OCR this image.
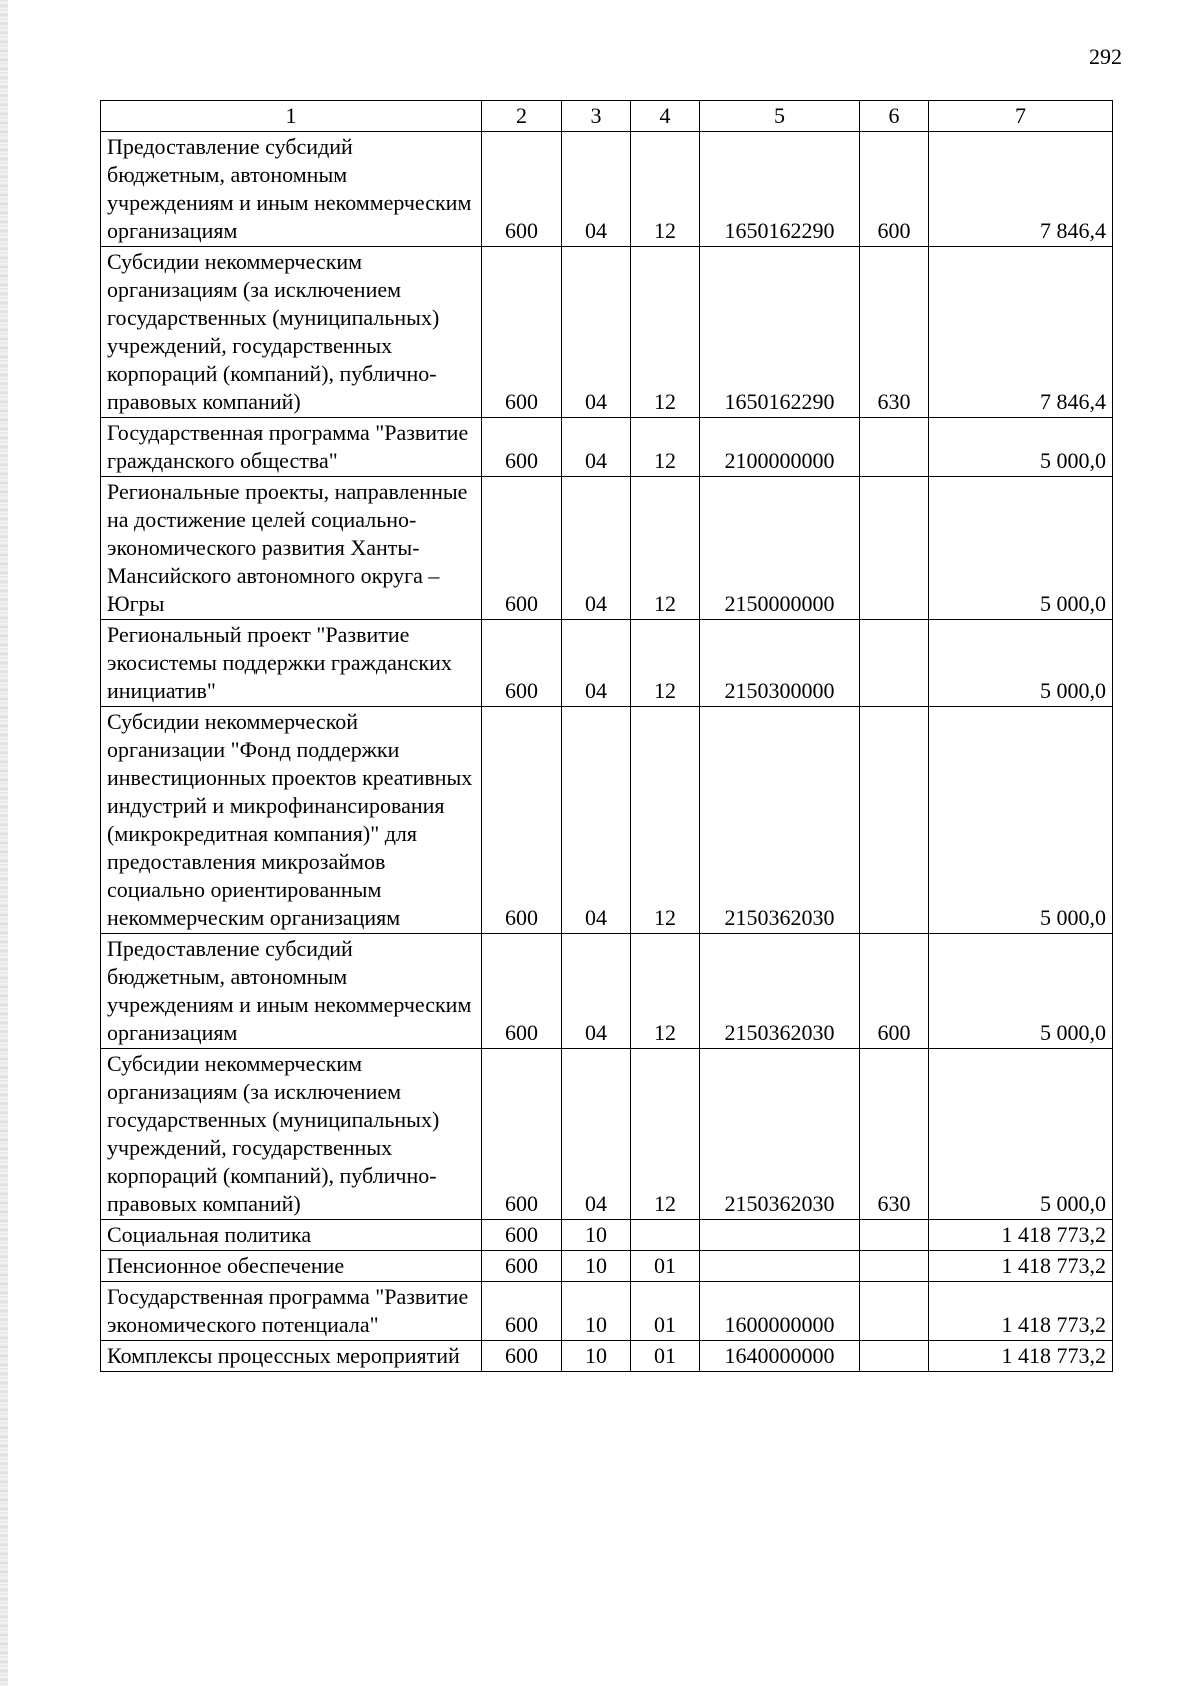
292
1	2	3	4	5	6	7
Предоставление субсидий бюджетным, автономным учреждениям и иным некоммерческим организациям	600	04	12	1650162290	600	7 846,4
Субсидии некоммерческим организациям (за исключением государственных (муниципальных) учреждений, государственных корпораций (компаний), публично-правовых компаний)	600	04	12	1650162290	630	7 846,4
Государственная программа "Развитие гражданского общества"	600	04	12	2100000000		5 000,0
Региональные проекты, направленные на достижение целей социально-экономического развития Ханты-Мансийского автономного округа – Югры	600	04	12	2150000000		5 000,0
Региональный проект "Развитие экосистемы поддержки гражданских инициатив"	600	04	12	2150300000		5 000,0
Субсидии некоммерческой организации "Фонд поддержки инвестиционных проектов креативных индустрий и микрофинансирования (микрокредитная компания)" для предоставления микрозаймов социально ориентированным некоммерческим организациям	600	04	12	2150362030		5 000,0
Предоставление субсидий бюджетным, автономным учреждениям и иным некоммерческим организациям	600	04	12	2150362030	600	5 000,0
Субсидии некоммерческим организациям (за исключением государственных (муниципальных) учреждений, государственных корпораций (компаний), публично-правовых компаний)	600	04	12	2150362030	630	5 000,0
Социальная политика	600	10				1 418 773,2
Пенсионное обеспечение	600	10	01			1 418 773,2
Государственная программа "Развитие экономического потенциала"	600	10	01	1600000000		1 418 773,2
Комплексы процессных мероприятий	600	10	01	1640000000		1 418 773,2
